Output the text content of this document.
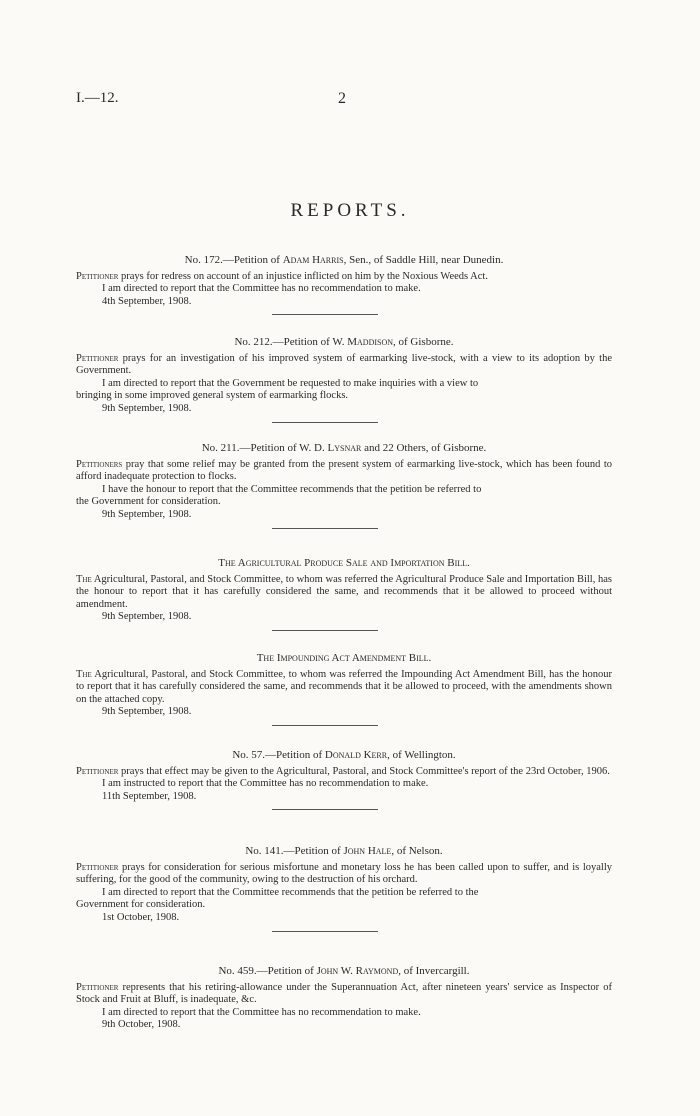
I.—12.	2
REPORTS.
No. 172.—Petition of Adam Harris, Sen., of Saddle Hill, near Dunedin.
Petitioner prays for redress on account of an injustice inflicted on him by the Noxious Weeds Act.
I am directed to report that the Committee has no recommendation to make.
4th September, 1908.
No. 212.—Petition of W. Maddison, of Gisborne.
Petitioner prays for an investigation of his improved system of earmarking live-stock, with a view to its adoption by the Government.
I am directed to report that the Government be requested to make inquiries with a view to
bringing in some improved general system of earmarking flocks.
9th September, 1908.
No. 211.—Petition of W. D. Lysnar and 22 Others, of Gisborne.
Petitioners pray that some relief may be granted from the present system of earmarking live-stock, which has been found to afford inadequate protection to flocks.
I have the honour to report that the Committee recommends that the petition be referred to
the Government for consideration.
9th September, 1908.
The Agricultural Produce Sale and Importation Bill.
The Agricultural, Pastoral, and Stock Committee, to whom was referred the Agricultural Produce Sale and Importation Bill, has the honour to report that it has carefully considered the same, and recommends that it be allowed to proceed without amendment.
9th September, 1908.
The Impounding Act Amendment Bill.
The Agricultural, Pastoral, and Stock Committee, to whom was referred the Impounding Act Amendment Bill, has the honour to report that it has carefully considered the same, and recommends that it be allowed to proceed, with the amendments shown on the attached copy.
9th September, 1908.
No. 57.—Petition of Donald Kerr, of Wellington.
Petitioner prays that effect may be given to the Agricultural, Pastoral, and Stock Committee's report of the 23rd October, 1906.
I am instructed to report that the Committee has no recommendation to make.
11th September, 1908.
No. 141.—Petition of John Hale, of Nelson.
Petitioner prays for consideration for serious misfortune and monetary loss he has been called upon to suffer, and is loyally suffering, for the good of the community, owing to the destruction of his orchard.
I am directed to report that the Committee recommends that the petition be referred to the
Government for consideration.
1st October, 1908.
No. 459.—Petition of John W. Raymond, of Invercargill.
Petitioner represents that his retiring-allowance under the Superannuation Act, after nineteen years' service as Inspector of Stock and Fruit at Bluff, is inadequate, &c.
I am directed to report that the Committee has no recommendation to make.
9th October, 1908.
